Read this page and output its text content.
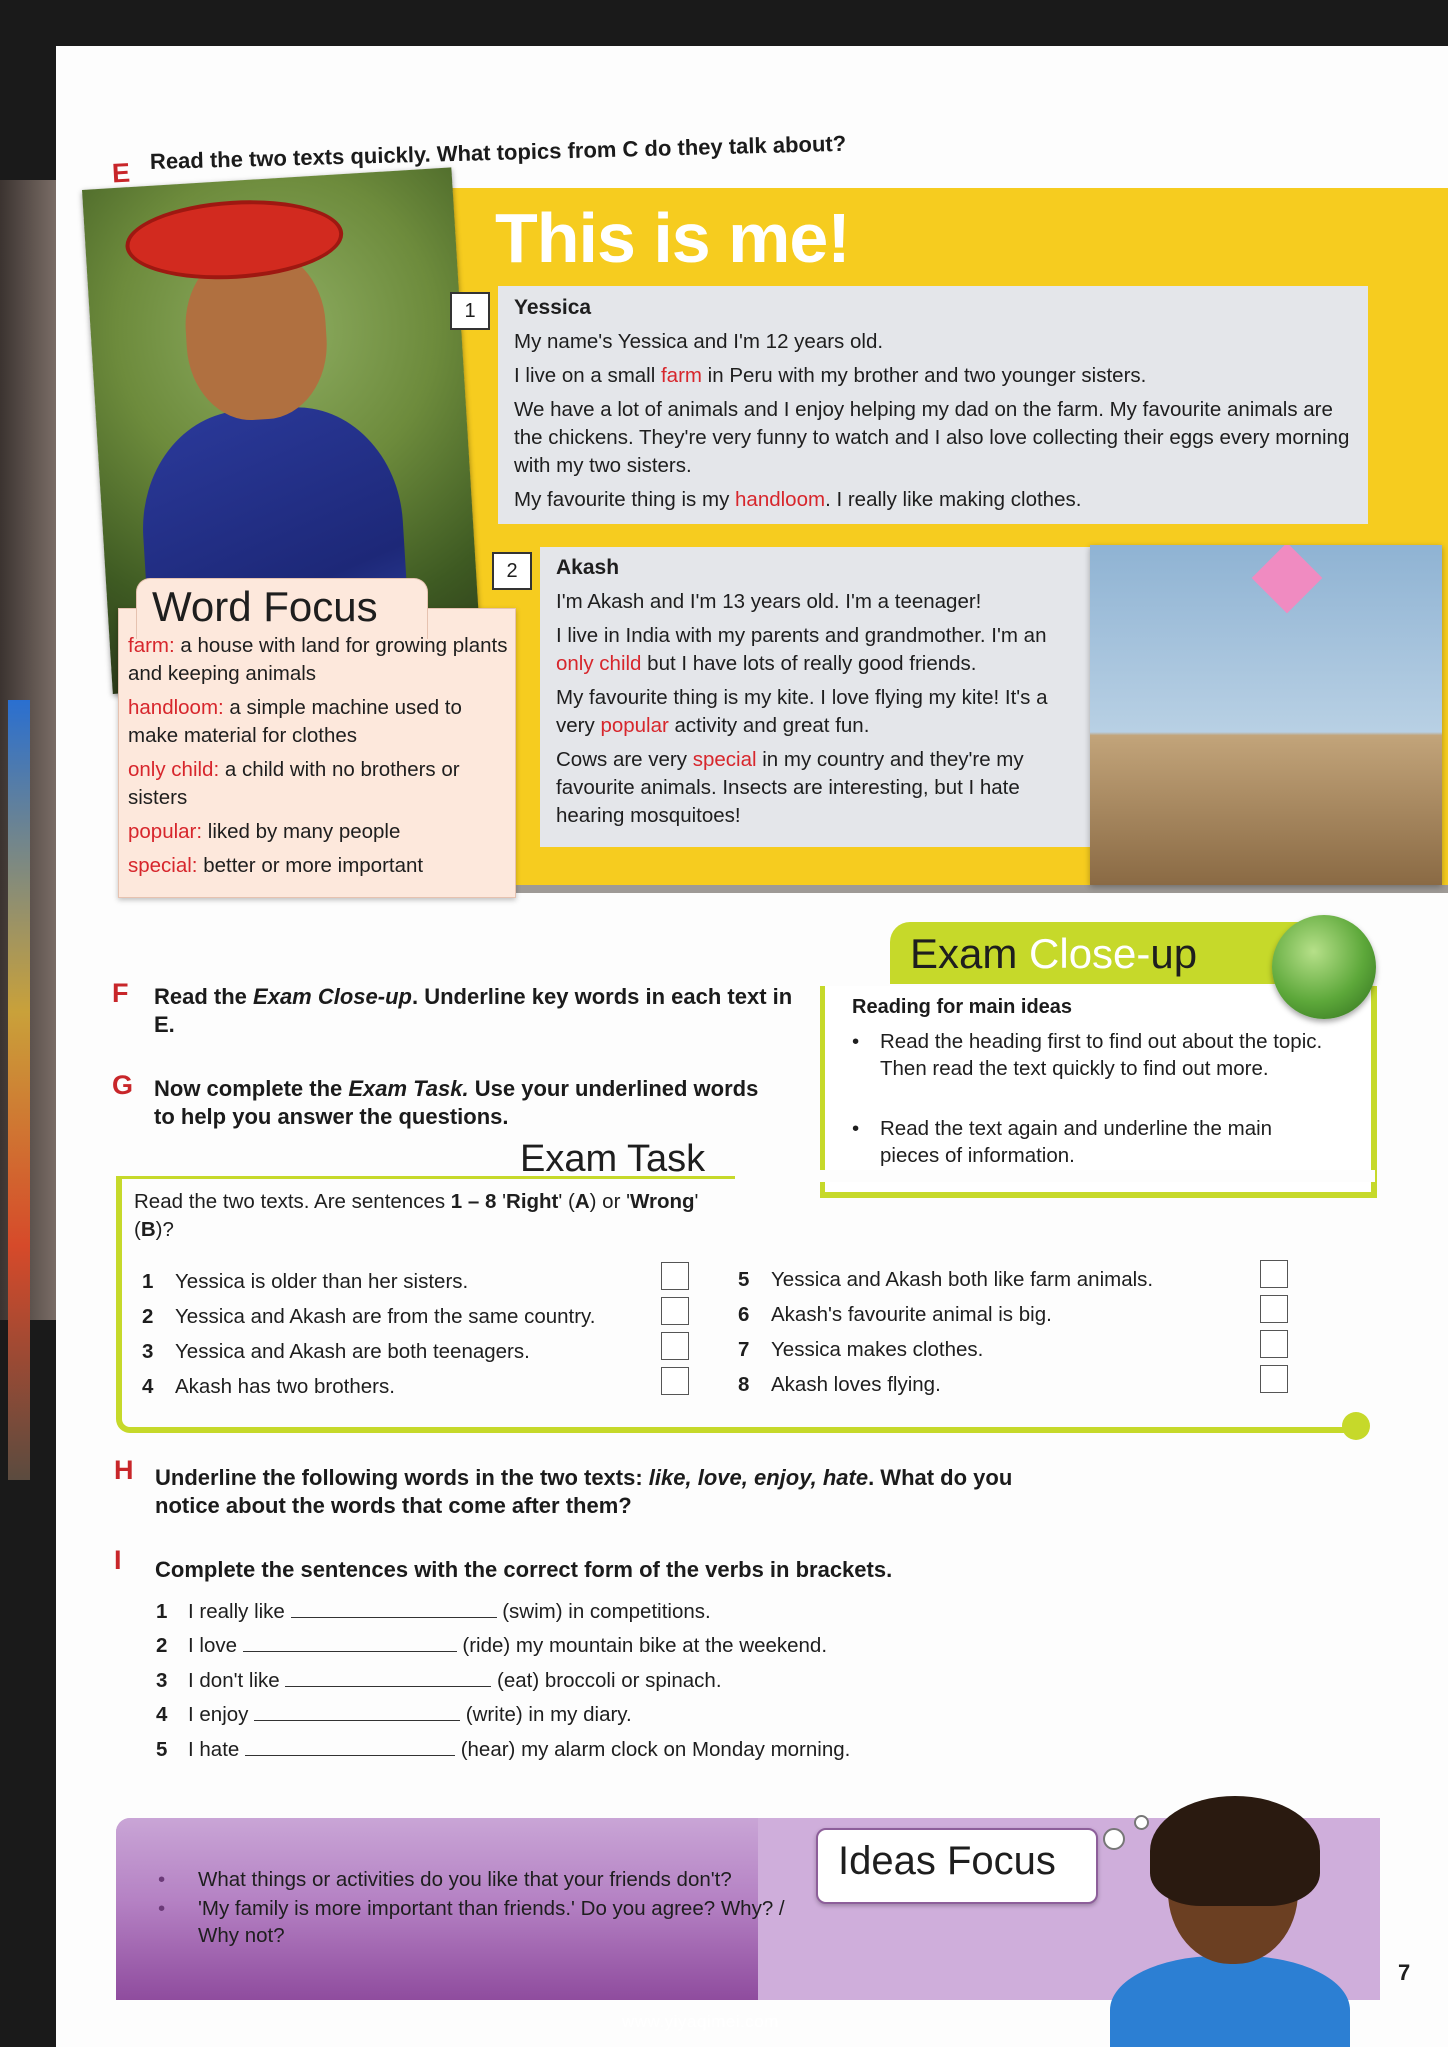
E Read the two texts quickly. What topics from C do they talk about?
This is me!
1	Yessica

My name's Yessica and I'm 12 years old.

I live on a small farm in Peru with my brother and two younger sisters.

We have a lot of animals and I enjoy helping my dad on the farm. My favourite animals are the chickens. They're very funny to watch and I also love collecting their eggs every morning with my two sisters.

My favourite thing is my handloom. I really like making clothes.

2	Akash

I'm Akash and I'm 13 years old. I'm a teenager!

I live in India with my parents and grandmother. I'm an only child but I have lots of really good friends.

My favourite thing is my kite. I love flying my kite! It's a very popular activity and great fun.

Cows are very special in my country and they're my favourite animals. Insects are interesting, but I hate hearing mosquitoes!

Word Focus

farm: a house with land for growing plants and keeping animals

handloom: a simple machine used to make material for clothes

only child: a child with no brothers or sisters

popular: liked by many people

special: better or more important

F Read the Exam Close-up. Underline key words in each text in E.
G Now complete the Exam Task. Use your underlined words to help you answer the questions.
Exam Close-up
Reading for main ideas
• Read the heading first to find out about the topic. Then read the text quickly to find out more.
• Read the text again and underline the main pieces of information.
Exam Task
Read the two texts. Are sentences 1 – 8 'Right' (A) or 'Wrong' (B)?
1 Yessica is older than her sisters.
2 Yessica and Akash are from the same country.
3 Yessica and Akash are both teenagers.
4 Akash has two brothers.
5 Yessica and Akash both like farm animals.
6 Akash's favourite animal is big.
7 Yessica makes clothes.
8 Akash loves flying.
H Underline the following words in the two texts: like, love, enjoy, hate. What do you notice about the words that come after them?
I Complete the sentences with the correct form of the verbs in brackets.
1 I really like	(swim) in competitions.
2 I love	(ride) my mountain bike at the weekend.
3 I don't like	(eat) broccoli or spinach.
4 I enjoy	(write) in my diary.
5 I hate	(hear) my alarm clock on Monday morning.
• What things or activities do you like that your friends don't?
• 'My family is more important than friends.' Do you agree? Why? / Why not?
Ideas Focus
7
www.yiyaqimei.com
